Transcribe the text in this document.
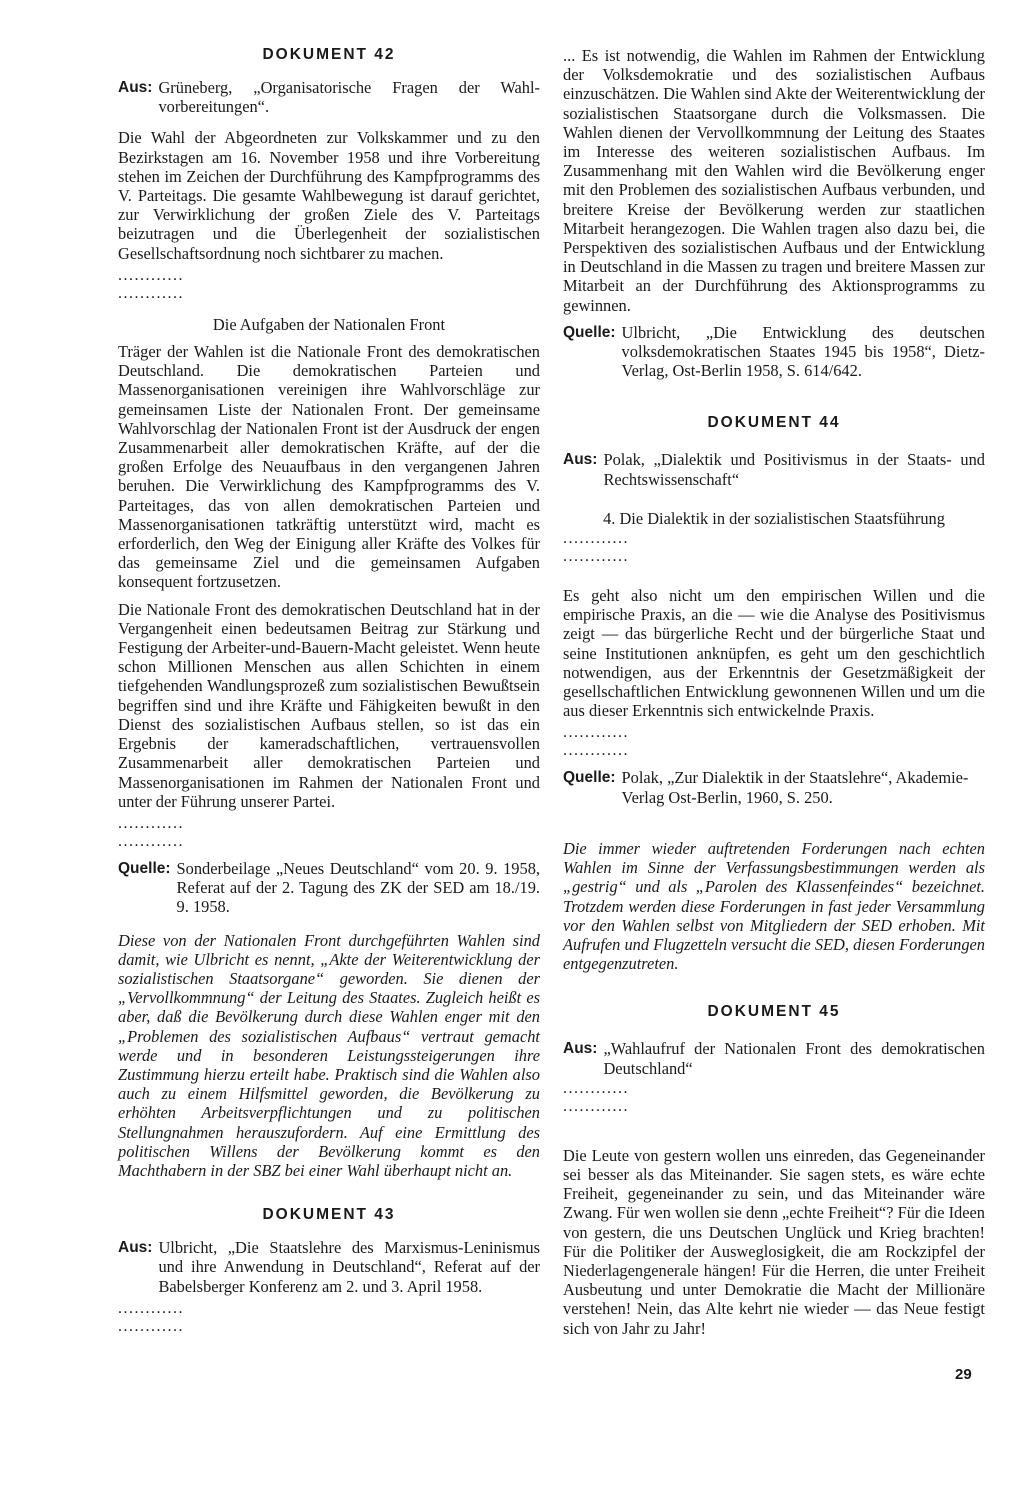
DOKUMENT 42
Aus: Grüneberg, „Organisatorische Fragen der Wahl-vorbereitungen“.

Die Wahl der Abgeordneten zur Volkskammer und zu den Bezirkstagen am 16. November 1958 und ihre Vorbereitung stehen im Zeichen der Durchführung des Kampfprogramms des V. Parteitags. Die gesamte Wahlbewegung ist darauf gerichtet, zur Verwirklichung der großen Ziele des V. Parteitags beizutragen und die Überlegenheit der sozialistischen Gesellschaftsordnung noch sichtbarer zu machen.

............
............
Die Aufgaben der Nationalen Front

Träger der Wahlen ist die Nationale Front des demokratischen Deutschland. Die demokratischen Parteien und Massenorganisationen vereinigen ihre Wahlvorschläge zur gemeinsamen Liste der Nationalen Front. Der gemeinsame Wahlvorschlag der Nationalen Front ist der Ausdruck der engen Zusammenarbeit aller demokratischen Kräfte, auf der die großen Erfolge des Neuaufbaus in den vergangenen Jahren beruhen. Die Verwirklichung des Kampfprogramms des V. Parteitages, das von allen demokratischen Parteien und Massenorganisationen tatkräftig unterstützt wird, macht es erforderlich, den Weg der Einigung aller Kräfte des Volkes für das gemeinsame Ziel und die gemeinsamen Aufgaben konsequent fortzusetzen.

Die Nationale Front des demokratischen Deutschland hat in der Vergangenheit einen bedeutsamen Beitrag zur Stärkung und Festigung der Arbeiter-und-Bauern-Macht geleistet. Wenn heute schon Millionen Menschen aus allen Schichten in einem tiefgehenden Wandlungsprozeß zum sozialistischen Bewußtsein begriffen sind und ihre Kräfte und Fähigkeiten bewußt in den Dienst des sozialistischen Aufbaus stellen, so ist das ein Ergebnis der kameradschaftlichen, vertrauensvollen Zusammenarbeit aller demokratischen Parteien und Massenorganisationen im Rahmen der Nationalen Front und unter der Führung unserer Partei.

............
............
Quelle: Sonderbeilage „Neues Deutschland“ vom 20. 9. 1958, Referat auf der 2. Tagung des ZK der SED am 18./19. 9. 1958.

Diese von der Nationalen Front durchgeführten Wahlen sind damit, wie Ulbricht es nennt, „Akte der Weiterentwicklung der sozialistischen Staatsorgane“ geworden. Sie dienen der „Vervollkommnung“ der Leitung des Staates. Zugleich heißt es aber, daß die Bevölkerung durch diese Wahlen enger mit den „Problemen des sozialistischen Aufbaus“ vertraut gemacht werde und in besonderen Leistungssteigerungen ihre Zustimmung hierzu erteilt habe. Praktisch sind die Wahlen also auch zu einem Hilfsmittel geworden, die Bevölkerung zu erhöhten Arbeitsverpflichtungen und zu politischen Stellungnahmen herauszufordern. Auf eine Ermittlung des politischen Willens der Bevölkerung kommt es den Machthabern in der SBZ bei einer Wahl überhaupt nicht an.

DOKUMENT 43
Aus: Ulbricht, „Die Staatslehre des Marxismus-Leninismus und ihre Anwendung in Deutschland“, Referat auf der Babelsberger Konferenz am 2. und 3. April 1958.
............
............

... Es ist notwendig, die Wahlen im Rahmen der Entwicklung der Volksdemokratie und des sozialistischen Aufbaus einzuschätzen. Die Wahlen sind Akte der Weiterentwicklung der sozialistischen Staatsorgane durch die Volksmassen. Die Wahlen dienen der Vervollkommnung der Leitung des Staates im Interesse des weiteren sozialistischen Aufbaus. Im Zusammenhang mit den Wahlen wird die Bevölkerung enger mit den Problemen des sozialistischen Aufbaus verbunden, und breitere Kreise der Bevölkerung werden zur staatlichen Mitarbeit herangezogen. Die Wahlen tragen also dazu bei, die Perspektiven des sozialistischen Aufbaus und der Entwicklung in Deutschland in die Massen zu tragen und breitere Massen zur Mitarbeit an der Durchführung des Aktionsprogramms zu gewinnen.

Quelle: Ulbricht, „Die Entwicklung des deutschen volksdemokratischen Staates 1945 bis 1958“, Dietz-Verlag, Ost-Berlin 1958, S. 614/642.
DOKUMENT 44
Aus: Polak, „Dialektik und Positivismus in der Staats- und Rechtswissenschaft“
4. Die Dialektik in der sozialistischen Staatsführung
............
............

Es geht also nicht um den empirischen Willen und die empirische Praxis, an die — wie die Analyse des Positivismus zeigt — das bürgerliche Recht und der bürgerliche Staat und seine Institutionen anknüpfen, es geht um den geschichtlich notwendigen, aus der Erkenntnis der Gesetzmäßigkeit der gesellschaftlichen Entwicklung gewonnenen Willen und um die aus dieser Erkenntnis sich entwickelnde Praxis.

............
............
Quelle: Polak, „Zur Dialektik in der Staatslehre“, Akademie-Verlag Ost-Berlin, 1960, S. 250.

Die immer wieder auftretenden Forderungen nach echten Wahlen im Sinne der Verfassungsbestimmungen werden als „gestrig“ und als „Parolen des Klassenfeindes“ bezeichnet. Trotzdem werden diese Forderungen in fast jeder Versammlung vor den Wahlen selbst von Mitgliedern der SED erhoben. Mit Aufrufen und Flugzetteln versucht die SED, diesen Forderungen entgegenzutreten.

DOKUMENT 45
Aus: „Wahlaufruf der Nationalen Front des demokratischen Deutschland“
............
............

Die Leute von gestern wollen uns einreden, das Gegeneinander sei besser als das Miteinander. Sie sagen stets, es wäre echte Freiheit, gegeneinander zu sein, und das Miteinander wäre Zwang. Für wen wollen sie denn „echte Freiheit“? Für die Ideen von gestern, die uns Deutschen Unglück und Krieg brachten! Für die Politiker der Ausweglosigkeit, die am Rockzipfel der Niederlagengenerale hängen! Für die Herren, die unter Freiheit Ausbeutung und unter Demokratie die Macht der Millionäre verstehen! Nein, das Alte kehrt nie wieder — das Neue festigt sich von Jahr zu Jahr!

29
